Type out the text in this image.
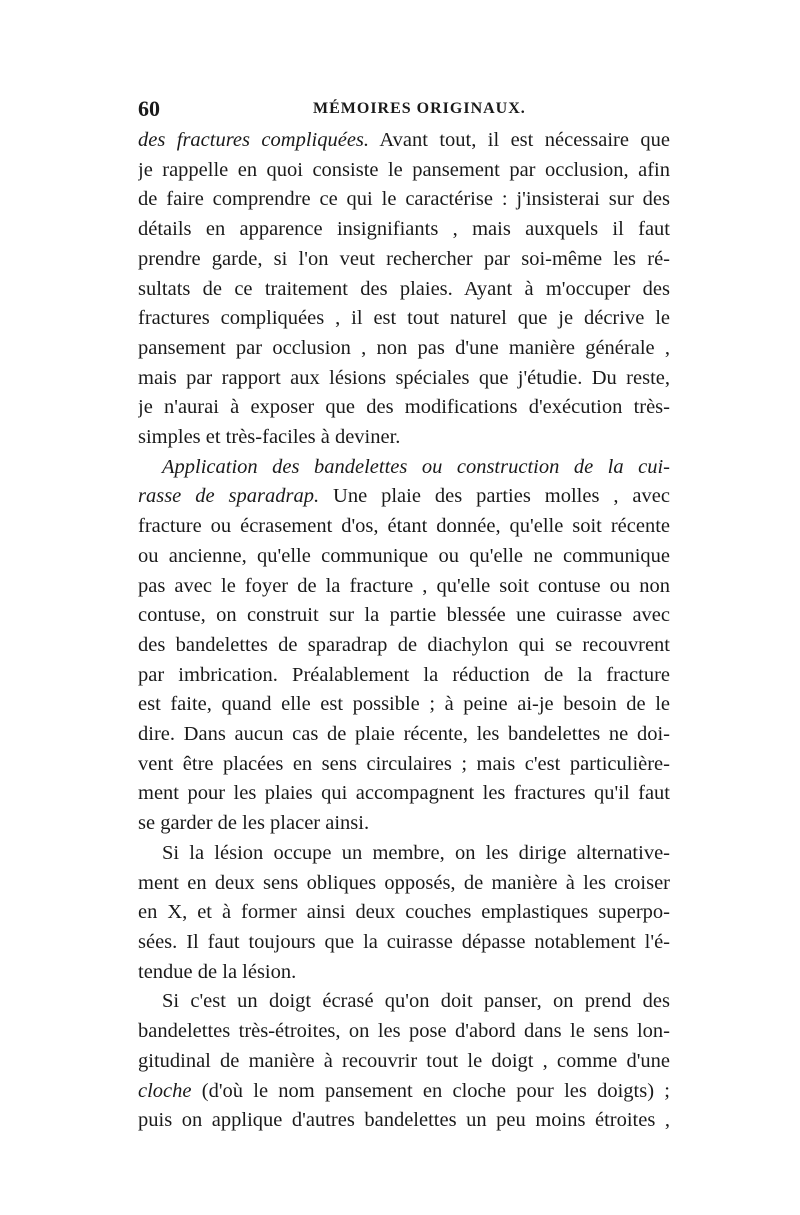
60	MÉMOIRES ORIGINAUX.
des fractures compliquées. Avant tout, il est nécessaire que
je rappelle en quoi consiste le pansement par occlusion, afin
de faire comprendre ce qui le caractérise : j'insisterai sur des
détails en apparence insignifiants , mais auxquels il faut
prendre garde, si l'on veut rechercher par soi-même les ré-
sultats de ce traitement des plaies. Ayant à m'occuper des
fractures compliquées , il est tout naturel que je décrive le
pansement par occlusion , non pas d'une manière générale ,
mais par rapport aux lésions spéciales que j'étudie. Du reste,
je n'aurai à exposer que des modifications d'exécution très-
simples et très-faciles à deviner.
Application des bandelettes ou construction de la cui-
rasse de sparadrap. Une plaie des parties molles , avec
fracture ou écrasement d'os, étant donnée, qu'elle soit récente
ou ancienne, qu'elle communique ou qu'elle ne communique
pas avec le foyer de la fracture , qu'elle soit contuse ou non
contuse, on construit sur la partie blessée une cuirasse avec
des bandelettes de sparadrap de diachylon qui se recouvrent
par imbrication. Préalablement la réduction de la fracture
est faite, quand elle est possible ; à peine ai-je besoin de le
dire. Dans aucun cas de plaie récente, les bandelettes ne doi-
vent être placées en sens circulaires ; mais c'est particulière-
ment pour les plaies qui accompagnent les fractures qu'il faut
se garder de les placer ainsi.
Si la lésion occupe un membre, on les dirige alternative-
ment en deux sens obliques opposés, de manière à les croiser
en X, et à former ainsi deux couches emplastiques superpo-
sées. Il faut toujours que la cuirasse dépasse notablement l'é-
tendue de la lésion.
Si c'est un doigt écrasé qu'on doit panser, on prend des
bandelettes très-étroites, on les pose d'abord dans le sens lon-
gitudinal de manière à recouvrir tout le doigt , comme d'une
cloche (d'où le nom pansement en cloche pour les doigts) ;
puis on applique d'autres bandelettes un peu moins étroites ,
